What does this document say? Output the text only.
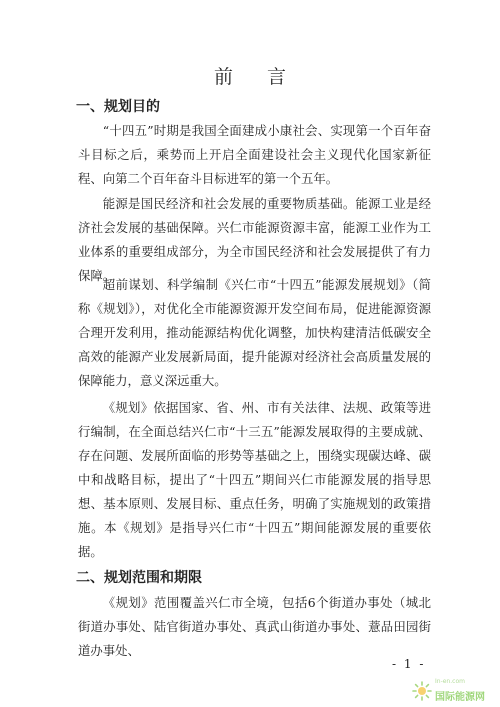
前 言
一、规划目的

“十四五”时期是我国全面建成小康社会、实现第一个百年奋斗目标之后，乘势而上开启全面建设社会主义现代化国家新征程、向第二个百年奋斗目标进军的第一个五年。

能源是国民经济和社会发展的重要物质基础。能源工业是经济社会发展的基础保障。兴仁市能源资源丰富，能源工业作为工业体系的重要组成部分，为全市国民经济和社会发展提供了有力保障。

超前谋划、科学编制《兴仁市“十四五”能源发展规划》（简称《规划》），对优化全市能源资源开发空间布局，促进能源资源合理开发利用，推动能源结构优化调整，加快构建清洁低碳安全高效的能源产业发展新局面，提升能源对经济社会高质量发展的保障能力，意义深远重大。

《规划》依据国家、省、州、市有关法律、法规、政策等进行编制，在全面总结兴仁市“十三五”能源发展取得的主要成就、存在问题、发展所面临的形势等基础之上，围绕实现碳达峰、碳中和战略目标，提出了“十四五”期间兴仁市能源发展的指导思想、基本原则、发展目标、重点任务，明确了实施规划的政策措施。本《规划》是指导兴仁市“十四五”期间能源发展的重要依据。

二、规划范围和期限

《规划》范围覆盖兴仁市全境，包括6个街道办事处（城北街道办事处、陆官街道办事处、真武山街道办事处、薏品田园街道办事处、

- 1 -
In-en.com
国际能源网
